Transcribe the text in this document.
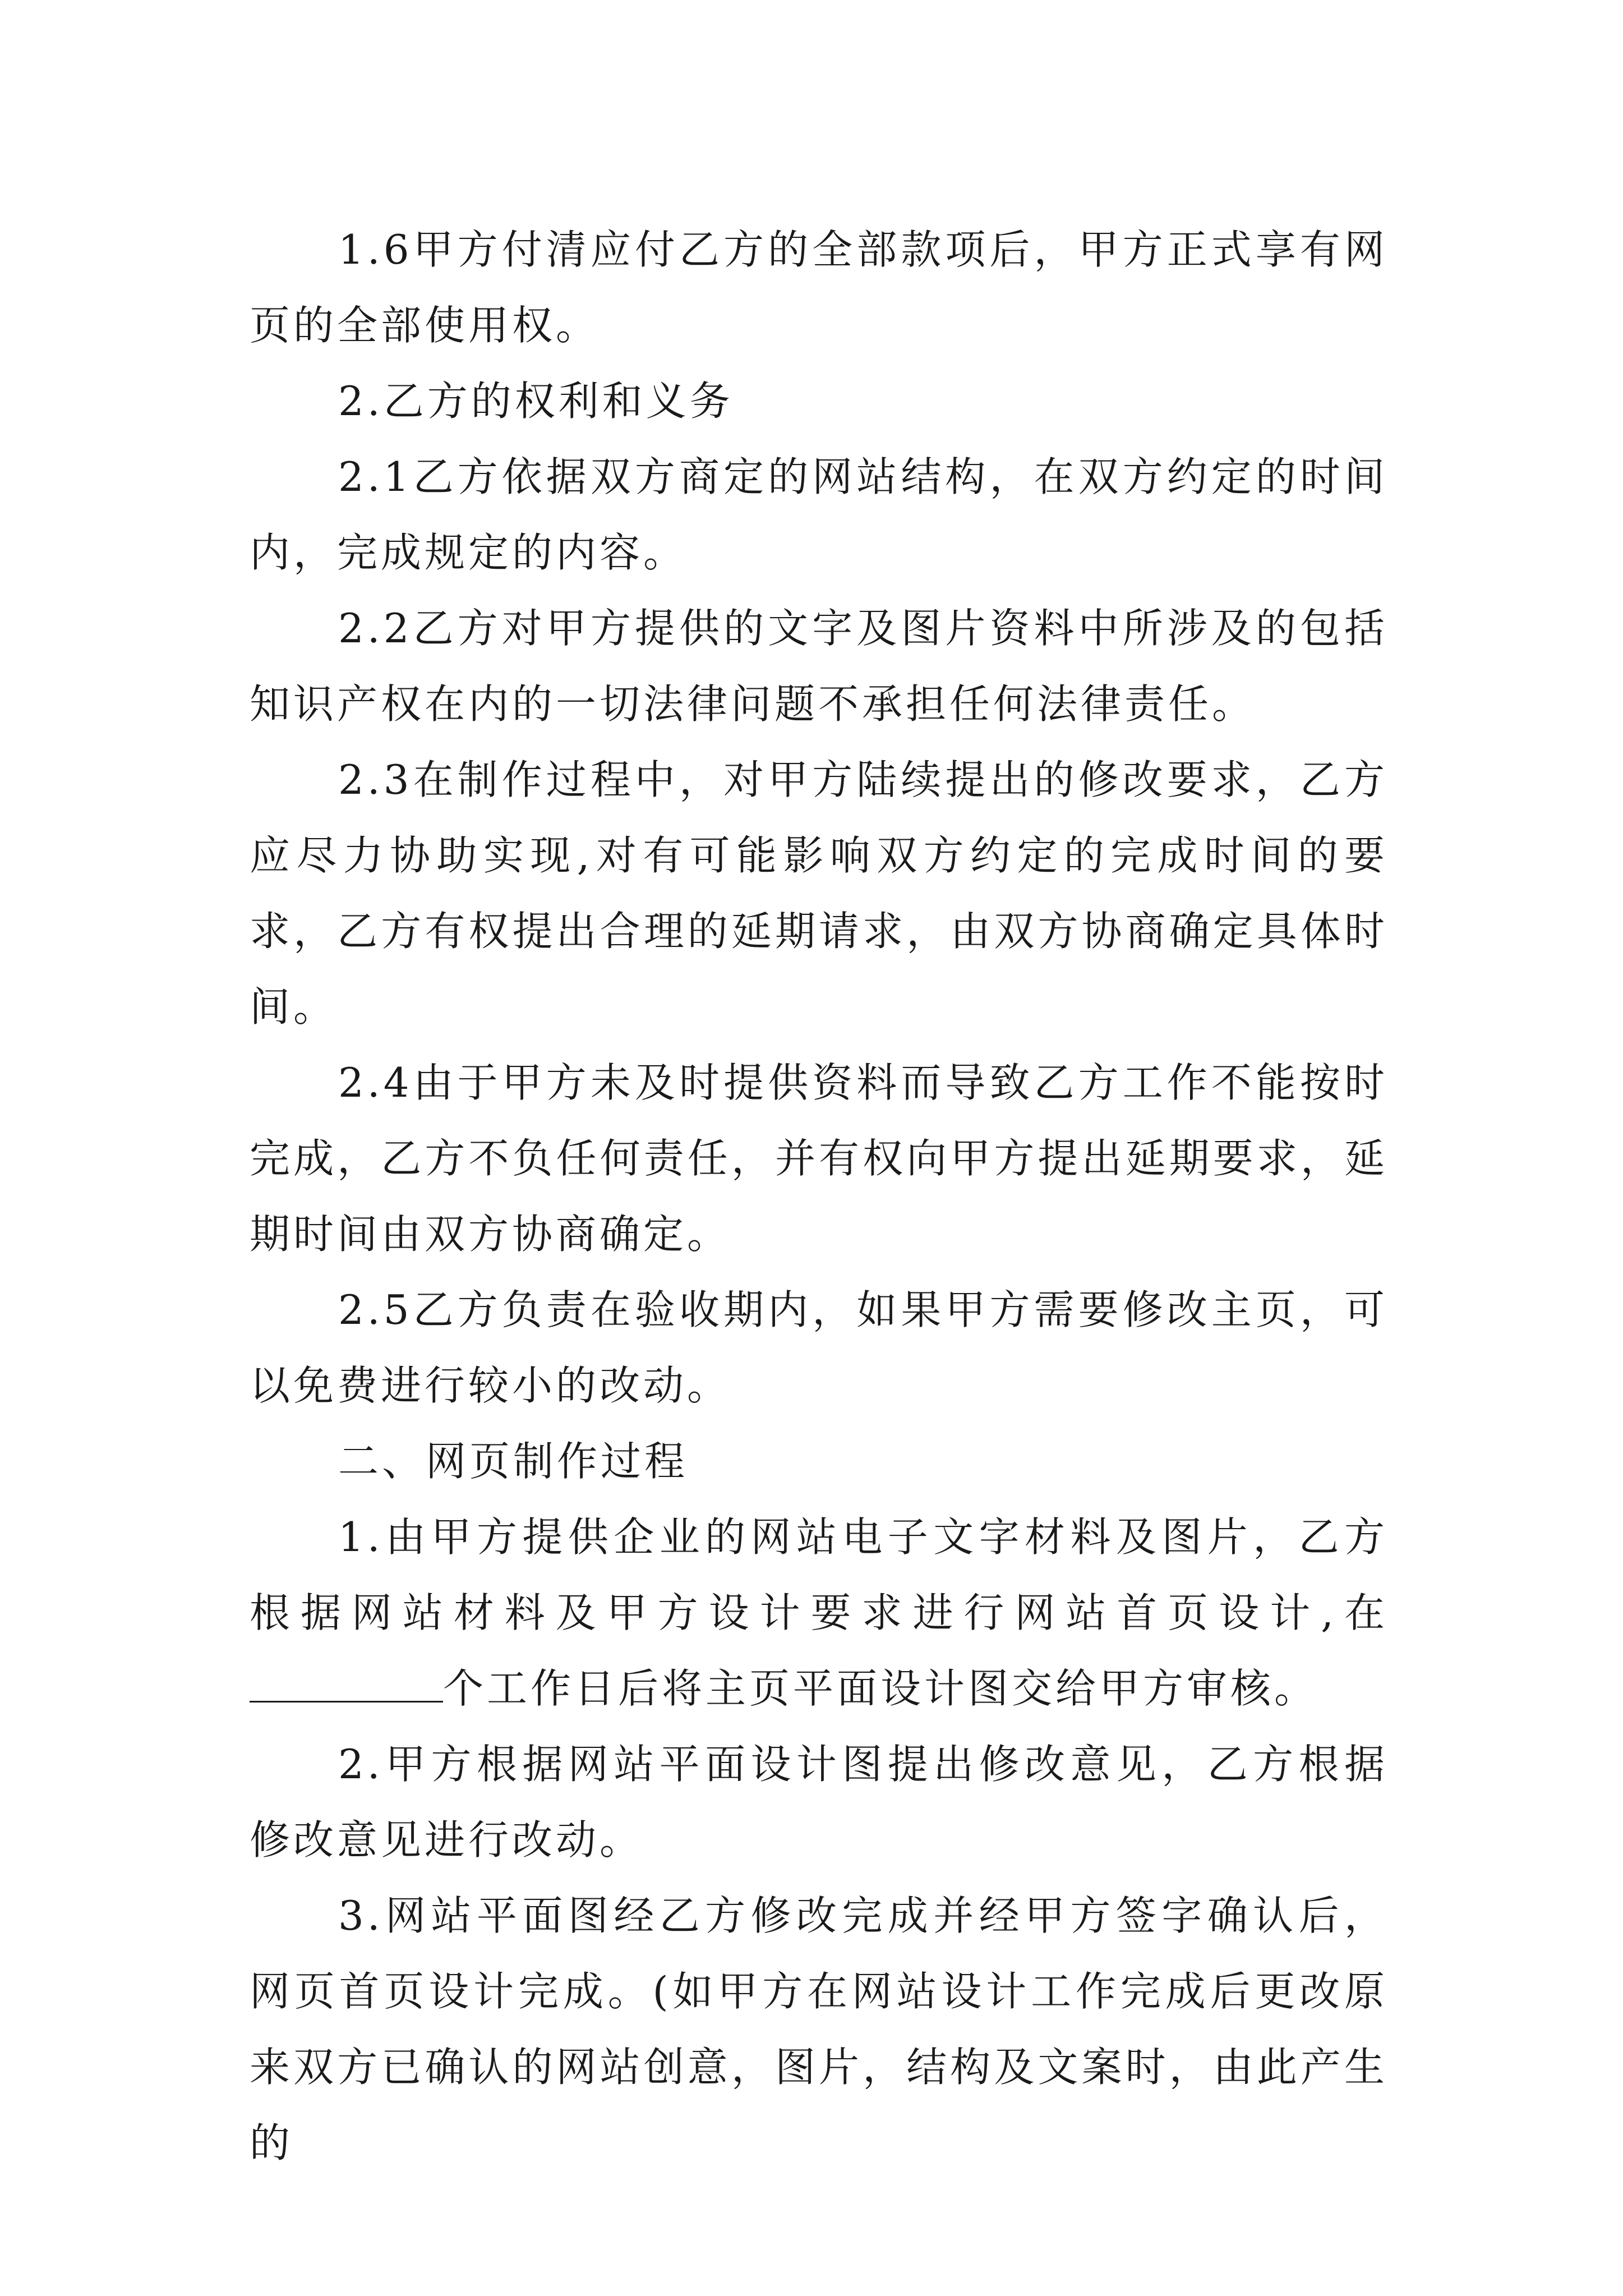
1.6甲方付清应付乙方的全部款项后，甲方正式享有网页的全部使用权。

2.乙方的权利和义务

2.1乙方依据双方商定的网站结构，在双方约定的时间内，完成规定的内容。

2.2乙方对甲方提供的文字及图片资料中所涉及的包括知识产权在内的一切法律问题不承担任何法律责任。

2.3在制作过程中，对甲方陆续提出的修改要求，乙方应尽力协助实现,对有可能影响双方约定的完成时间的要求，乙方有权提出合理的延期请求，由双方协商确定具体时间。

2.4由于甲方未及时提供资料而导致乙方工作不能按时完成，乙方不负任何责任，并有权向甲方提出延期要求，延期时间由双方协商确定。

2.5乙方负责在验收期内，如果甲方需要修改主页，可以免费进行较小的改动。

二、网页制作过程

1.由甲方提供企业的网站电子文字材料及图片，乙方根据网站材料及甲方设计要求进行网站首页设计,在个工作日后将主页平面设计图交给甲方审核。

2.甲方根据网站平面设计图提出修改意见，乙方根据修改意见进行改动。

3.网站平面图经乙方修改完成并经甲方签字确认后，网页首页设计完成。(如甲方在网站设计工作完成后更改原来双方已确认的网站创意，图片，结构及文案时，由此产生的
